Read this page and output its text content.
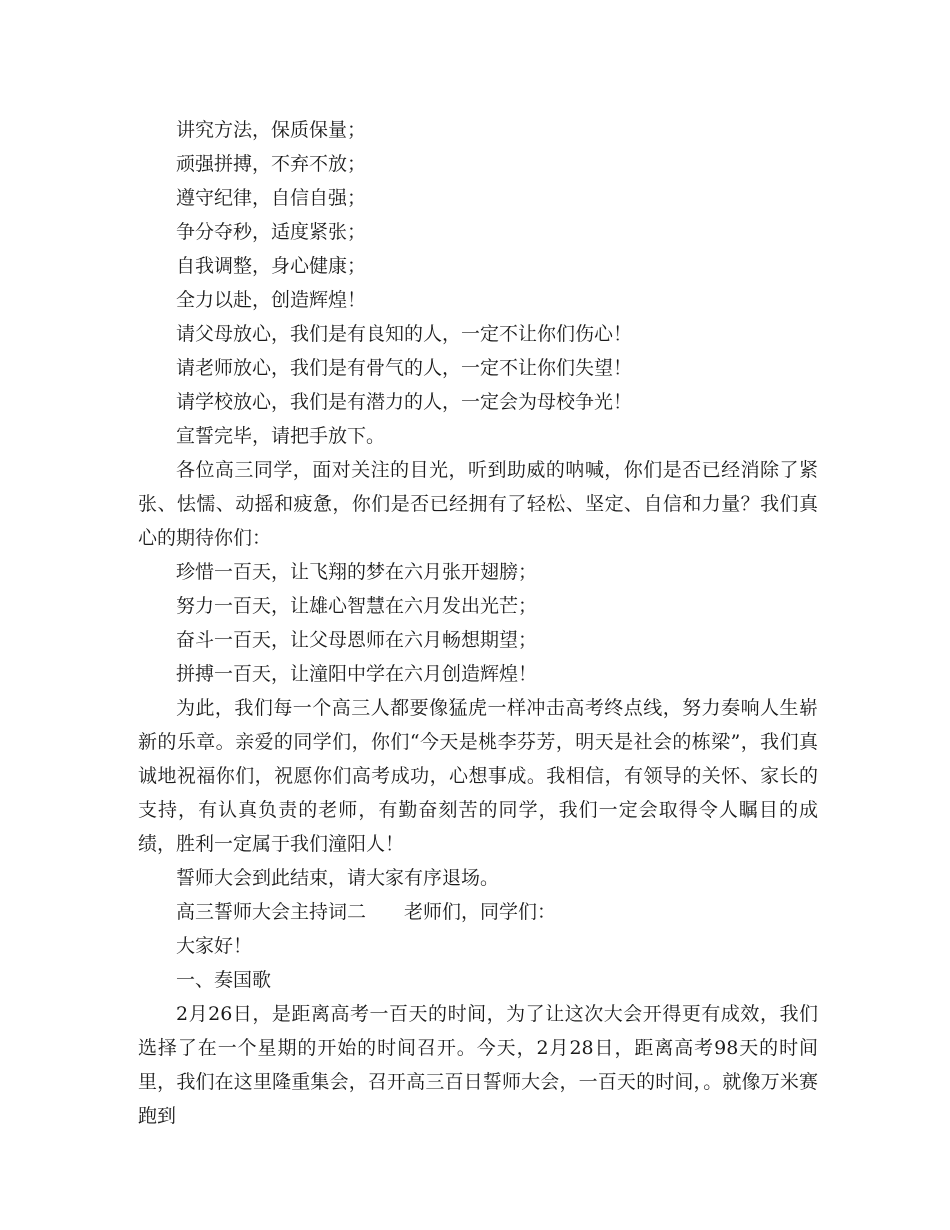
讲究方法，保质保量；

顽强拼搏，不弃不放；

遵守纪律，自信自强；

争分夺秒，适度紧张；

自我调整，身心健康；

全力以赴，创造辉煌！

请父母放心，我们是有良知的人，一定不让你们伤心！

请老师放心，我们是有骨气的人，一定不让你们失望！

请学校放心，我们是有潜力的人，一定会为母校争光！

宣誓完毕，请把手放下。

各位高三同学，面对关注的目光，听到助威的呐喊，你们是否已经消除了紧张、怯懦、动摇和疲惫，你们是否已经拥有了轻松、坚定、自信和力量？我们真心的期待你们：

珍惜一百天，让飞翔的梦在六月张开翅膀；

努力一百天，让雄心智慧在六月发出光芒；

奋斗一百天，让父母恩师在六月畅想期望；

拼搏一百天，让潼阳中学在六月创造辉煌！

为此，我们每一个高三人都要像猛虎一样冲击高考终点线，努力奏响人生崭新的乐章。亲爱的同学们，你们“今天是桃李芬芳，明天是社会的栋梁”，我们真诚地祝福你们，祝愿你们高考成功，心想事成。我相信，有领导的关怀、家长的支持，有认真负责的老师，有勤奋刻苦的同学，我们一定会取得令人瞩目的成绩，胜利一定属于我们潼阳人！

誓师大会到此结束，请大家有序退场。

高三誓师大会主持词二　　老师们，同学们：

大家好！

一、奏国歌

2月26日，是距离高考一百天的时间，为了让这次大会开得更有成效，我们选择了在一个星期的开始的时间召开。今天，2月28日，距离高考98天的时间里，我们在这里隆重集会，召开高三百日誓师大会，一百天的时间，。就像万米赛跑到
